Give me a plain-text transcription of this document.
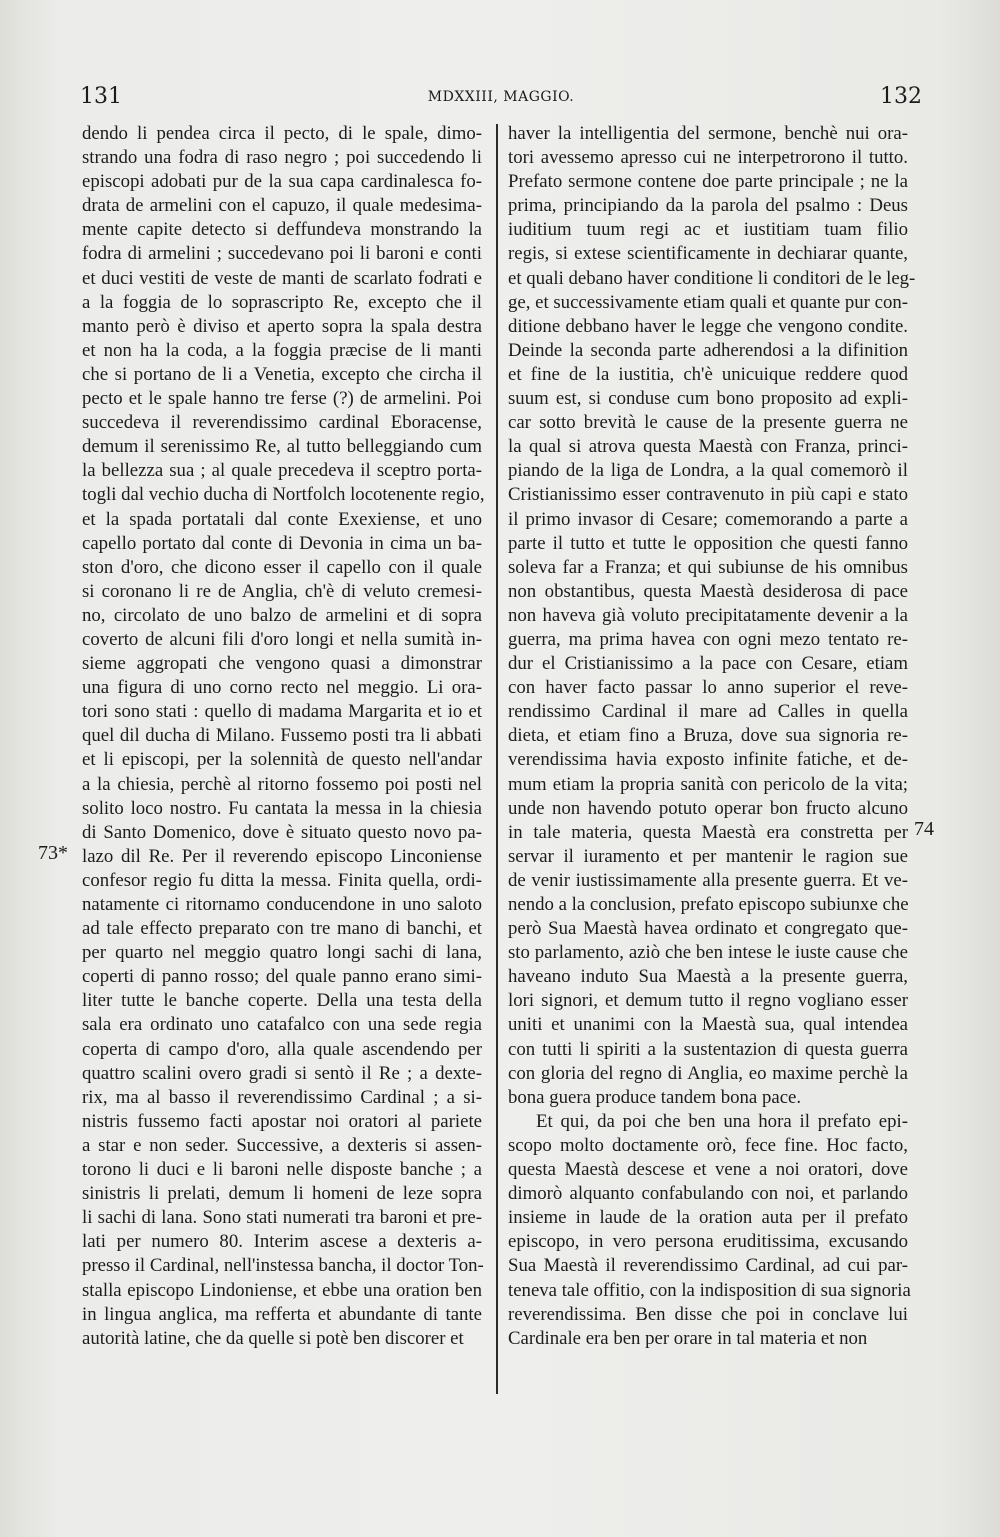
131	MDXXIII, MAGGIO.	132
dendo li pendea circa il pecto, di le spale, dimo-
strando una fodra di raso negro ; poi succedendo li
episcopi adobati pur de la sua capa cardinalesca fo-
drata de armelini con el capuzo, il quale medesima-
mente capite detecto si deffundeva monstrando la
fodra di armelini ; succedevano poi li baroni e conti
et duci vestiti de veste de manti de scarlato fodrati e
a la foggia de lo soprascripto Re, excepto che il
manto però è diviso et aperto sopra la spala destra
et non ha la coda, a la foggia præcise de li manti
che si portano de li a Venetia, excepto che circha il
pecto et le spale hanno tre ferse (?) de armelini. Poi
succedeva il reverendissimo cardinal Eboracense,
demum il serenissimo Re, al tutto belleggiando cum
la bellezza sua ; al quale precedeva il sceptro porta-
togli dal vechio ducha di Nortfolch locotenente regio,
et la spada portatali dal conte Exexiense, et uno
capello portato dal conte di Devonia in cima un ba-
ston d'oro, che dicono esser il capello con il quale
si coronano li re de Anglia, ch'è di veluto cremesi-
no, circolato de uno balzo de armelini et di sopra
coverto de alcuni fili d'oro longi et nella sumità in-
sieme aggropati che vengono quasi a dimonstrar
una figura di uno corno recto nel meggio. Li ora-
tori sono stati : quello di madama Margarita et io et
quel dil ducha di Milano. Fussemo posti tra li abbati
et li episcopi, per la solennità de questo nell'andar
a la chiesia, perchè al ritorno fossemo poi posti nel
solito loco nostro. Fu cantata la messa in la chiesia
di Santo Domenico, dove è situato questo novo pa-
lazo dil Re. Per il reverendo episcopo Linconiense
confesor regio fu ditta la messa. Finita quella, ordi-
natamente ci ritornamo conducendone in uno saloto
ad tale effecto preparato con tre mano di banchi, et
per quarto nel meggio quatro longi sachi di lana,
coperti di panno rosso; del quale panno erano simi-
liter tutte le banche coperte. Della una testa della
sala era ordinato uno catafalco con una sede regia
coperta di campo d'oro, alla quale ascendendo per
quattro scalini overo gradi si sentò il Re ; a dexte-
rix, ma al basso il reverendissimo Cardinal ; a si-
nistris fussemo facti apostar noi oratori al pariete
a star e non seder. Successive, a dexteris si assen-
torono li duci e li baroni nelle disposte banche ; a
sinistris li prelati, demum li homeni de leze sopra
li sachi di lana. Sono stati numerati tra baroni et pre-
lati per numero 80. Interim ascese a dexteris a-
presso il Cardinal, nell'instessa bancha, il doctor Ton-
stalla episcopo Lindoniense, et ebbe una oration ben
in lingua anglica, ma refferta et abundante di tante
autorità latine, che da quelle si potè ben discorer et
haver la intelligentia del sermone, benchè nui ora-
tori avessemo apresso cui ne interpetrorono il tutto.
Prefato sermone contene doe parte principale ; ne la
prima, principiando da la parola del psalmo : Deus
iuditium tuum regi ac et iustitiam tuam filio
regis, si extese scientificamente in dechiarar quante,
et quali debano haver conditione li conditori de le leg-
ge, et successivamente etiam quali et quante pur con-
ditione debbano haver le legge che vengono condite.
Deinde la seconda parte adherendosi a la difinition
et fine de la iustitia, ch'è unicuique reddere quod
suum est, si conduse cum bono proposito ad expli-
car sotto brevità le cause de la presente guerra ne
la qual si atrova questa Maestà con Franza, princi-
piando de la liga de Londra, a la qual comemorò il
Cristianissimo esser contravenuto in più capi e stato
il primo invasor di Cesare; comemorando a parte a
parte il tutto et tutte le opposition che questi fanno
soleva far a Franza; et qui subiunse de his omnibus
non obstantibus, questa Maestà desiderosa di pace
non haveva già voluto precipitatamente devenir a la
guerra, ma prima havea con ogni mezo tentato re-
dur el Cristianissimo a la pace con Cesare, etiam
con haver facto passar lo anno superior el reve-
rendissimo Cardinal il mare ad Calles in quella
dieta, et etiam fino a Bruza, dove sua signoria re-
verendissima havia exposto infinite fatiche, et de-
mum etiam la propria sanità con pericolo de la vita;
unde non havendo potuto operar bon fructo alcuno
in tale materia, questa Maestà era constretta per
servar il iuramento et per mantenir le ragion sue
de venir iustissimamente alla presente guerra. Et ve-
nendo a la conclusion, prefato episcopo subiunxe che
però Sua Maestà havea ordinato et congregato que-
sto parlamento, aziò che ben intese le iuste cause che
haveano induto Sua Maestà a la presente guerra,
lori signori, et demum tutto il regno vogliano esser
uniti et unanimi con la Maestà sua, qual intendea
con tutti li spiriti a la sustentazion di questa guerra
con gloria del regno di Anglia, eo maxime perchè la
bona guera produce tandem bona pace.
Et qui, da poi che ben una hora il prefato epi-
scopo molto doctamente orò, fece fine. Hoc facto,
questa Maestà descese et vene a noi oratori, dove
dimorò alquanto confabulando con noi, et parlando
insieme in laude de la oration auta per il prefato
episcopo, in vero persona eruditissima, excusando
Sua Maestà il reverendissimo Cardinal, ad cui par-
teneva tale offitio, con la indisposition di sua signoria
reverendissima. Ben disse che poi in conclave lui
Cardinale era ben per orare in tal materia et non
73*
74
